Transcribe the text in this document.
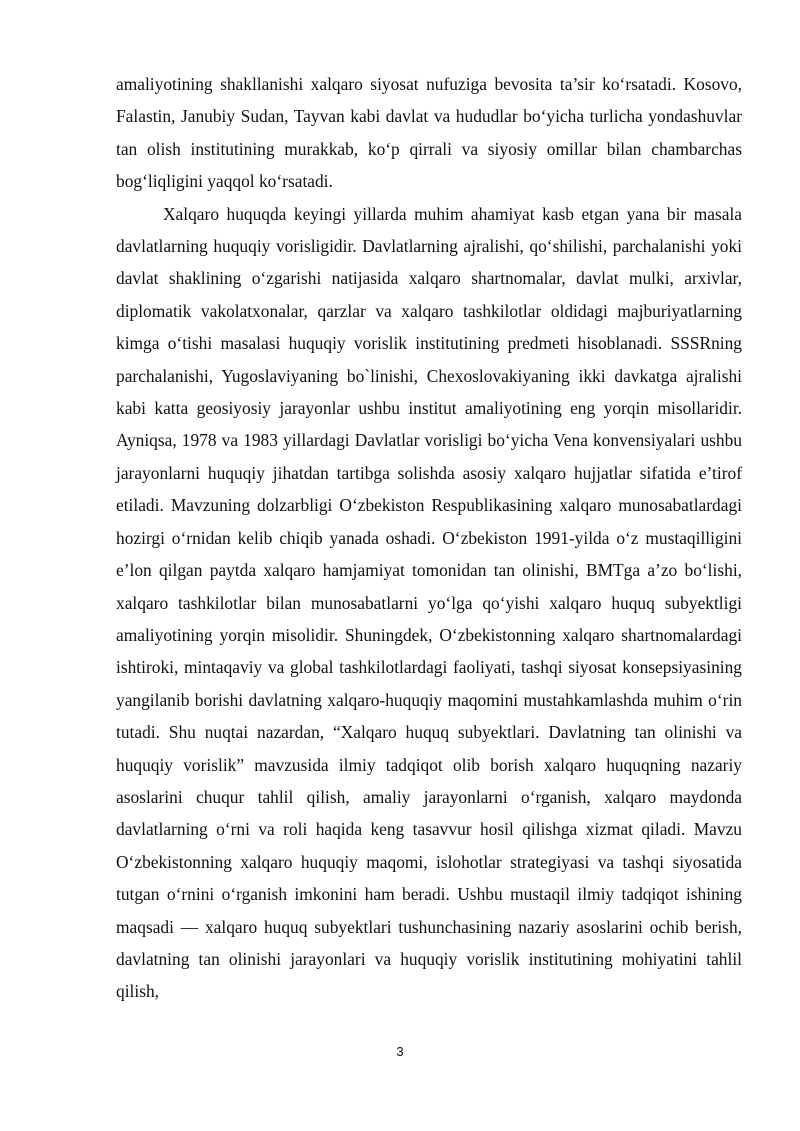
amaliyotining shakllanishi xalqaro siyosat nufuziga bevosita ta’sir ko‘rsatadi. Kosovo, Falastin, Janubiy Sudan, Tayvan kabi davlat va hududlar bo‘yicha turlicha yondashuvlar tan olish institutining murakkab, ko‘p qirrali va siyosiy omillar bilan chambarchas bog‘liqligini yaqqol ko‘rsatadi.

Xalqaro huquqda keyingi yillarda muhim ahamiyat kasb etgan yana bir masala davlatlarning huquqiy vorisligidir. Davlatlarning ajralishi, qo‘shilishi, parchalanishi yoki davlat shaklining o‘zgarishi natijasida xalqaro shartnomalar, davlat mulki, arxivlar, diplomatik vakolatxonalar, qarzlar va xalqaro tashkilotlar oldidagi majburiyatlarning kimga o‘tishi masalasi huquqiy vorislik institutining predmeti hisoblanadi. SSSRning parchalanishi, Yugoslaviyaning bo`linishi, Chexoslovakiyaning ikki davkatga ajralishi kabi katta geosiyosiy jarayonlar ushbu institut amaliyotining eng yorqin misollaridir. Ayniqsa, 1978 va 1983 yillardagi Davlatlar vorisligi bo‘yicha Vena konvensiyalari ushbu jarayonlarni huquqiy jihatdan tartibga solishda asosiy xalqaro hujjatlar sifatida e’tirof etiladi. Mavzuning dolzarbligi O‘zbekiston Respublikasining xalqaro munosabatlardagi hozirgi o‘rnidan kelib chiqib yanada oshadi. O‘zbekiston 1991-yilda o‘z mustaqilligini e’lon qilgan paytda xalqaro hamjamiyat tomonidan tan olinishi, BMTga a’zo bo‘lishi, xalqaro tashkilotlar bilan munosabatlarni yo‘lga qo‘yishi xalqaro huquq subyektligi amaliyotining yorqin misolidir. Shuningdek, O‘zbekistonning xalqaro shartnomalardagi ishtiroki, mintaqaviy va global tashkilotlardagi faoliyati, tashqi siyosat konsepsiyasining yangilanib borishi davlatning xalqaro-huquqiy maqomini mustahkamlashda muhim o‘rin tutadi. Shu nuqtai nazardan, “Xalqaro huquq subyektlari. Davlatning tan olinishi va huquqiy vorislik” mavzusida ilmiy tadqiqot olib borish xalqaro huquqning nazariy asoslarini chuqur tahlil qilish, amaliy jarayonlarni o‘rganish, xalqaro maydonda davlatlarning o‘rni va roli haqida keng tasavvur hosil qilishga xizmat qiladi. Mavzu O‘zbekistonning xalqaro huquqiy maqomi, islohotlar strategiyasi va tashqi siyosatida tutgan o‘rnini o‘rganish imkonini ham beradi. Ushbu mustaqil ilmiy tadqiqot ishining maqsadi — xalqaro huquq subyektlari tushunchasining nazariy asoslarini ochib berish, davlatning tan olinishi jarayonlari va huquqiy vorislik institutining mohiyatini tahlil qilish,

3
